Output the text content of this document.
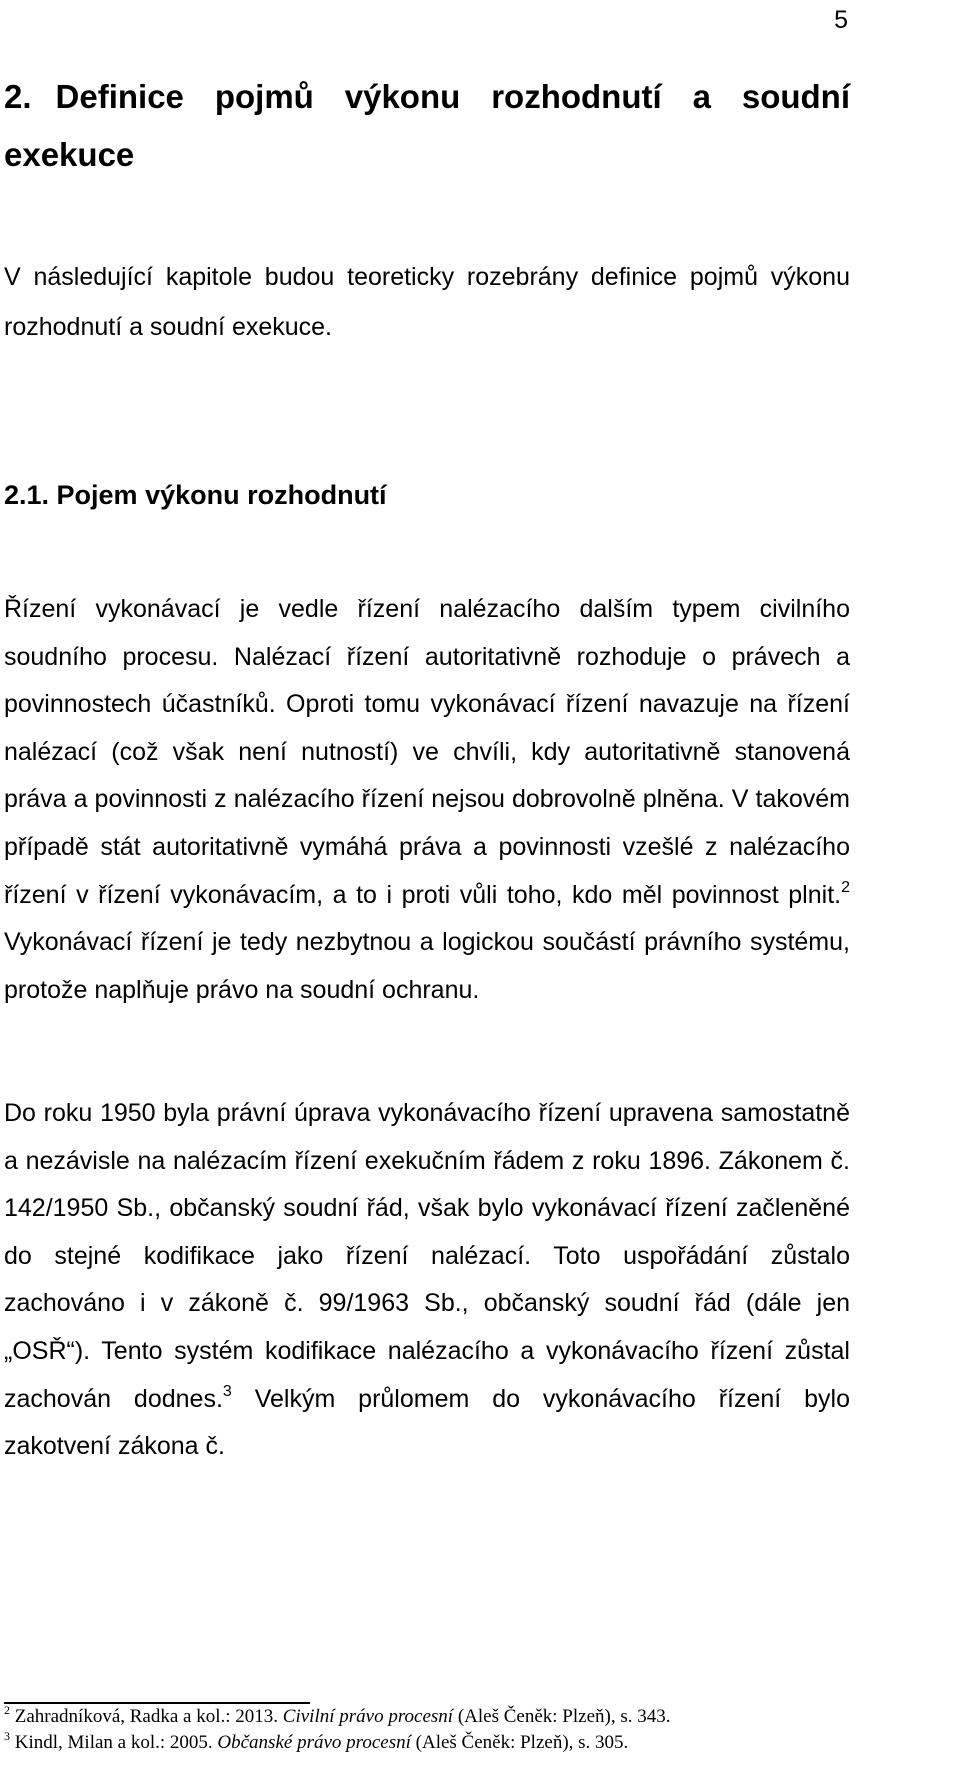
5
2. Definice pojmů výkonu rozhodnutí a soudní exekuce

V následující kapitole budou teoreticky rozebrány definice pojmů výkonu rozhodnutí a soudní exekuce.

2.1. Pojem výkonu rozhodnutí

Řízení vykonávací je vedle řízení nalézacího dalším typem civilního soudního procesu. Nalézací řízení autoritativně rozhoduje o právech a povinnostech účastníků. Oproti tomu vykonávací řízení navazuje na řízení nalézací (což však není nutností) ve chvíli, kdy autoritativně stanovená práva a povinnosti z nalézacího řízení nejsou dobrovolně plněna. V takovém případě stát autoritativně vymáhá práva a povinnosti vzešlé z nalézacího řízení v řízení vykonávacím, a to i proti vůli toho, kdo měl povinnost plnit.$^2$ Vykonávací řízení je tedy nezbytnou a logickou součástí právního systému, protože naplňuje právo na soudní ochranu.

Do roku 1950 byla právní úprava vykonávacího řízení upravena samostatně a nezávisle na nalézacím řízení exekučním řádem z roku 1896. Zákonem č. 142/1950 Sb., občanský soudní řád, však bylo vykonávací řízení začleněné do stejné kodifikace jako řízení nalézací. Toto uspořádání zůstalo zachováno i v zákoně č. 99/1963 Sb., občanský soudní řád (dále jen „OSŘ“). Tento systém kodifikace nalézacího a vykonávacího řízení zůstal zachován dodnes.$^3$ Velkým průlomem do vykonávacího řízení bylo zakotvení zákona č.

$^2$ Zahradníková, Radka a kol.: 2013. Civilní právo procesní (Aleš Čeněk: Plzeň), s. 343.

$^3$ Kindl, Milan a kol.: 2005. Občanské právo procesní (Aleš Čeněk: Plzeň), s. 305.
